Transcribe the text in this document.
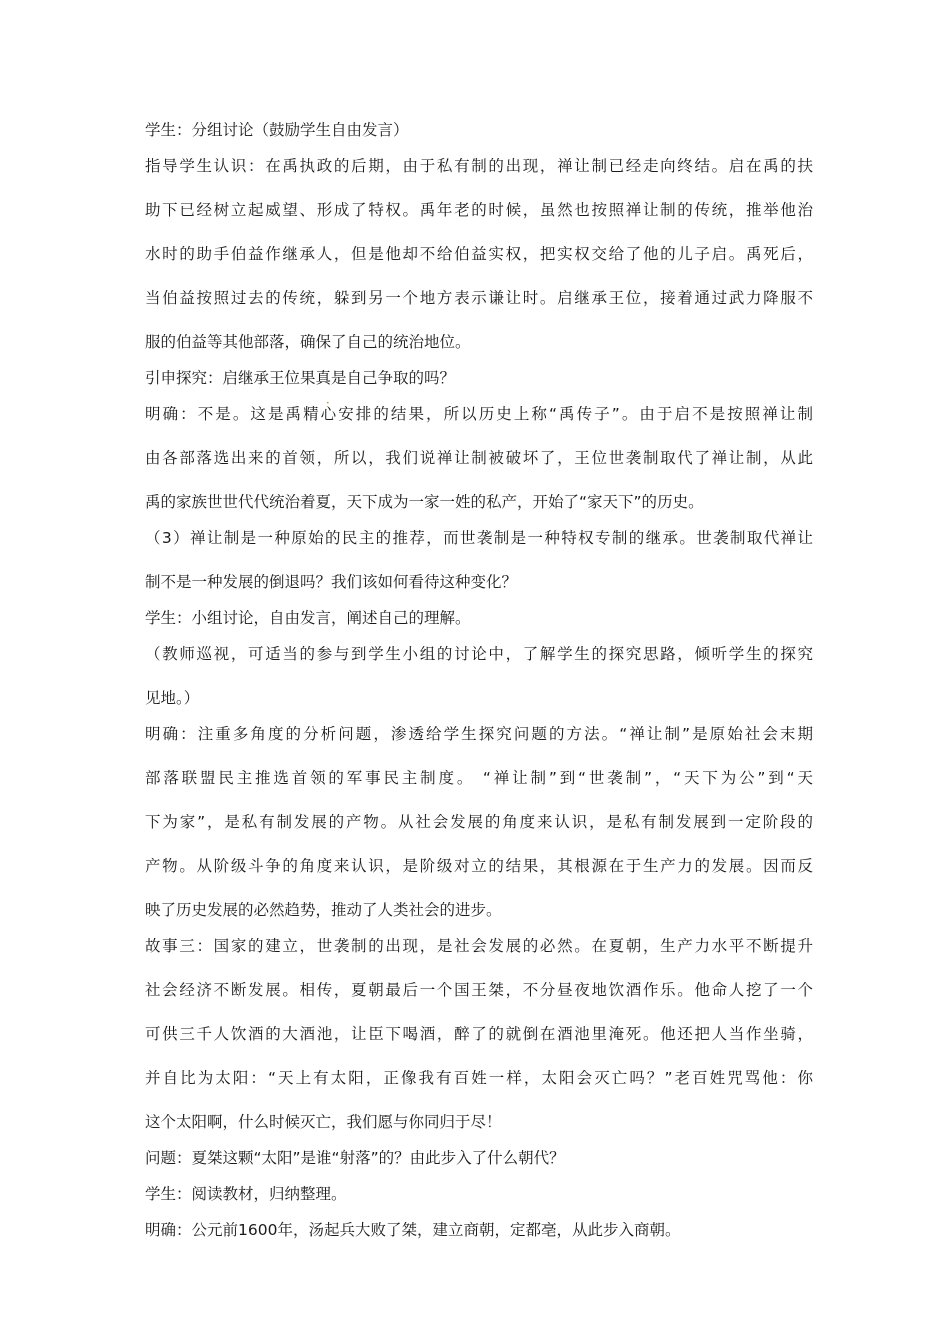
学生：分组讨论（鼓励学生自由发言）
指导学生认识：在禹执政的后期，由于私有制的出现，禅让制已经走向终结。启在禹的扶
助下已经树立起威望、形成了特权。禹年老的时候，虽然也按照禅让制的传统，推举他治
水时的助手伯益作继承人，但是他却不给伯益实权，把实权交给了他的儿子启。禹死后，
当伯益按照过去的传统，躲到另一个地方表示谦让时。启继承王位，接着通过武力降服不
服的伯益等其他部落，确保了自己的统治地位。
引申探究：启继承王位果真是自己争取的吗？
明确：不是。这是禹精心安排的结果，所以历史上称“禹传子”。由于启不是按照禅让制
由各部落选出来的首领，所以，我们说禅让制被破坏了，王位世袭制取代了禅让制，从此
禹的家族世世代代统治着夏，天下成为一家一姓的私产，开始了“家天下”的历史。
（3）禅让制是一种原始的民主的推荐，而世袭制是一种特权专制的继承。世袭制取代禅让
制不是一种发展的倒退吗？我们该如何看待这种变化？
学生：小组讨论，自由发言，阐述自己的理解。
（教师巡视，可适当的参与到学生小组的讨论中，了解学生的探究思路，倾听学生的探究
见地。）
明确：注重多角度的分析问题，渗透给学生探究问题的方法。“禅让制”是原始社会末期
部落联盟民主推选首领的军事民主制度。 “禅让制”到“世袭制”，“天下为公”到“天
下为家”，是私有制发展的产物。从社会发展的角度来认识，是私有制发展到一定阶段的
产物。从阶级斗争的角度来认识，是阶级对立的结果，其根源在于生产力的发展。因而反
映了历史发展的必然趋势，推动了人类社会的进步。
故事三：国家的建立，世袭制的出现，是社会发展的必然。在夏朝，生产力水平不断提升
社会经济不断发展。相传，夏朝最后一个国王桀，不分昼夜地饮酒作乐。他命人挖了一个
可供三千人饮酒的大酒池，让臣下喝酒，醉了的就倒在酒池里淹死。他还把人当作坐骑，
并自比为太阳：“天上有太阳，正像我有百姓一样，太阳会灭亡吗？”老百姓咒骂他：你
这个太阳啊，什么时候灭亡，我们愿与你同归于尽！
问题：夏桀这颗“太阳”是谁“射落”的？由此步入了什么朝代？
学生：阅读教材，归纳整理。
明确：公元前1600年，汤起兵大败了桀，建立商朝，定都亳，从此步入商朝。
•
